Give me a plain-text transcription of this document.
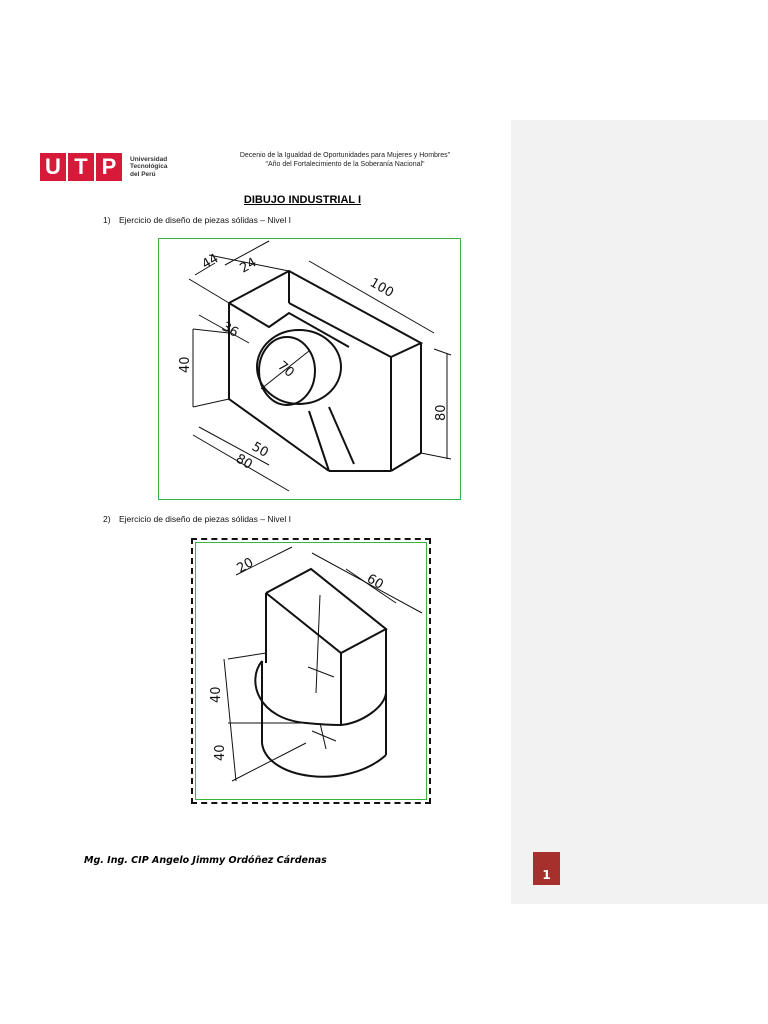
U T P	Universidad
Tecnológica
del Perú
Decenio de la Igualdad de Oportunidades para Mujeres y Hombres"
"Año del Fortalecimiento de la Soberanía Nacional"
DIBUJO INDUSTRIAL I
1) Ejercicio de diseño de piezas sólidas – Nivel I
44 24
100
36
70
40
80
50
80
2) Ejercicio de diseño de piezas sólidas – Nivel I
20
60
40
40
Mg. Ing. CIP Angelo Jimmy Ordóñez Cárdenas
1
